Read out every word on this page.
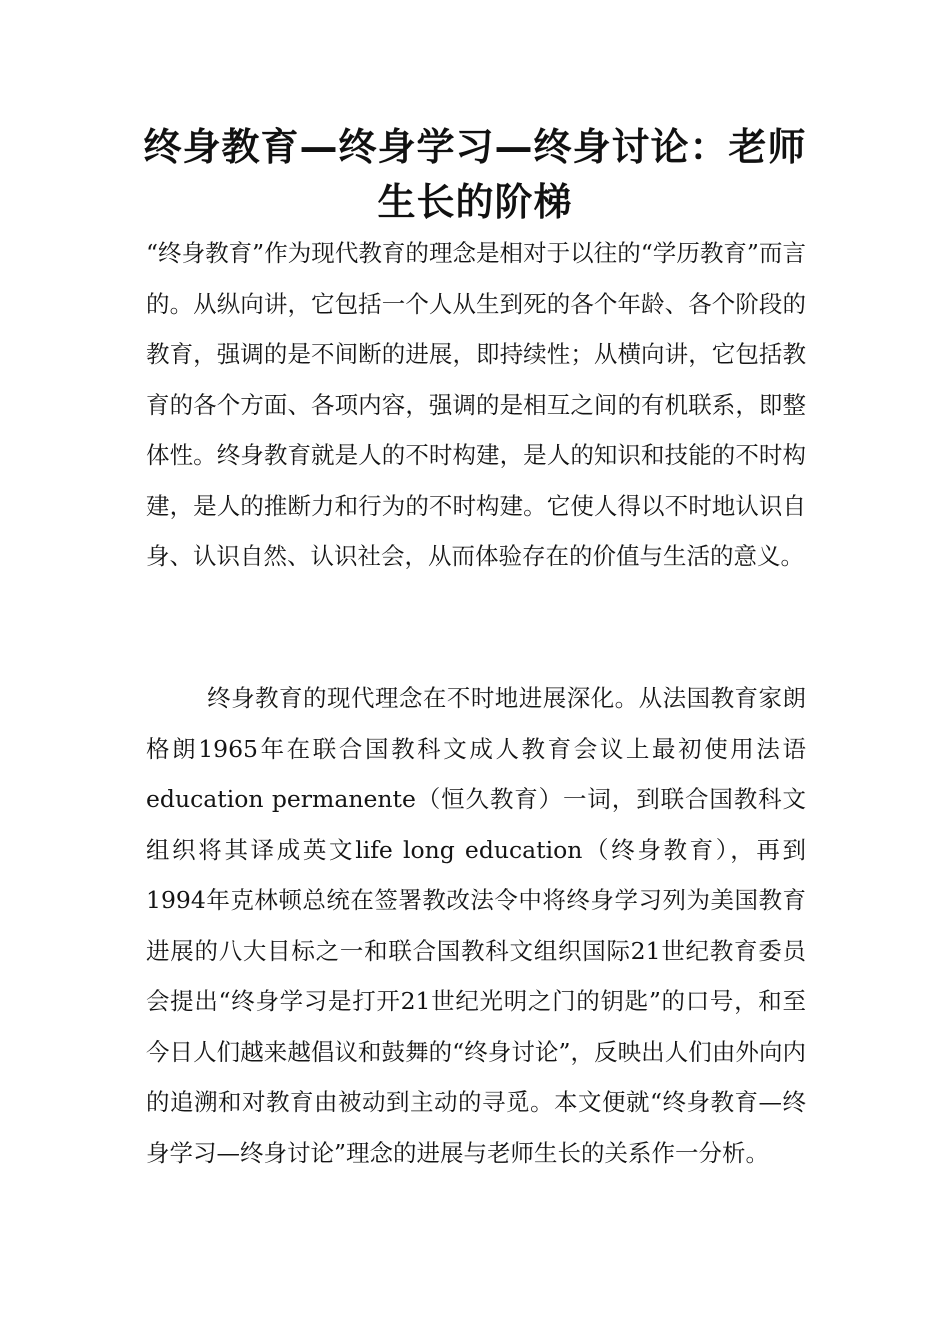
终身教育—终身学习—终身讨论：老师
生长的阶梯

“终身教育”作为现代教育的理念是相对于以往的“学历教育”而言的。从纵向讲，它包括一个人从生到死的各个年龄、各个阶段的教育，强调的是不间断的进展，即持续性；从横向讲，它包括教育的各个方面、各项内容，强调的是相互之间的有机联系，即整体性。终身教育就是人的不时构建，是人的知识和技能的不时构建，是人的推断力和行为的不时构建。它使人得以不时地认识自身、认识自然、认识社会，从而体验存在的价值与生活的意义。

终身教育的现代理念在不时地进展深化。从法国教育家朗格朗1965年在联合国教科文成人教育会议上最初使用法语education permanente（恒久教育）一词，到联合国教科文组织将其译成英文life long education（终身教育），再到1994年克林顿总统在签署教改法令中将终身学习列为美国教育进展的八大目标之一和联合国教科文组织国际21世纪教育委员会提出“终身学习是打开21世纪光明之门的钥匙”的口号，和至今日人们越来越倡议和鼓舞的“终身讨论”，反映出人们由外向内的追溯和对教育由被动到主动的寻觅。本文便就“终身教育—终身学习—终身讨论”理念的进展与老师生长的关系作一分析。
